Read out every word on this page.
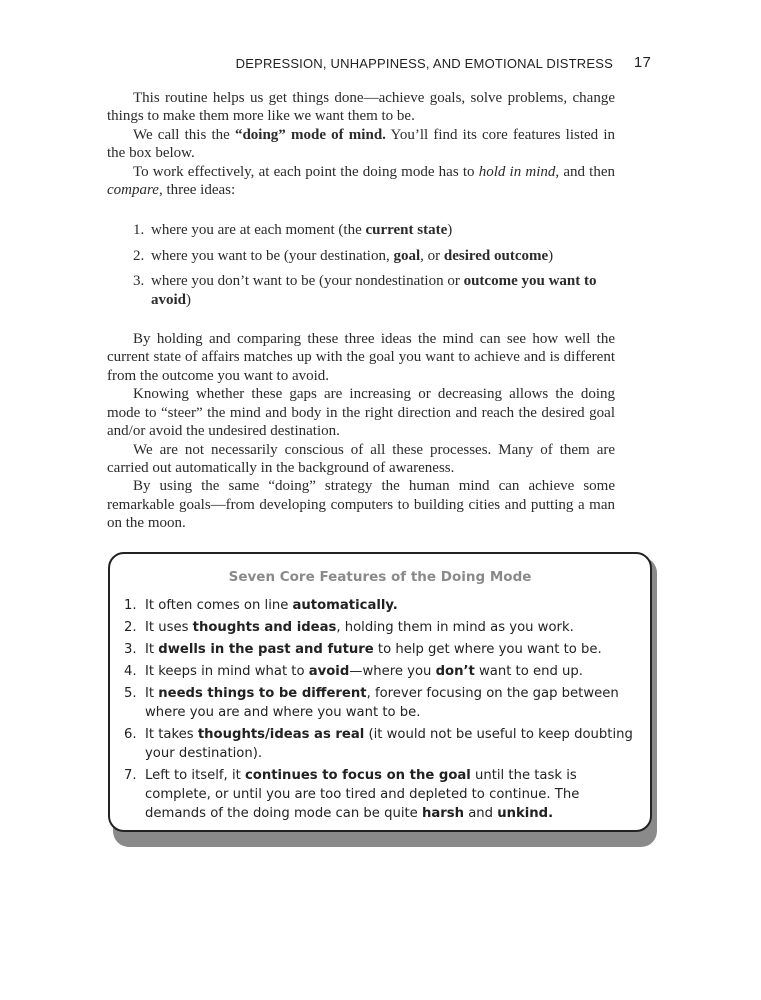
DEPRESSION, UNHAPPINESS, AND EMOTIONAL DISTRESS 17

This routine helps us get things done—achieve goals, solve problems, change things to make them more like we want them to be.

We call this the “doing” mode of mind. You’ll find its core features listed in the box below.

To work effectively, at each point the doing mode has to hold in mind, and then compare, three ideas:

1. where you are at each moment (the current state)
2. where you want to be (your destination, goal, or desired outcome)
3. where you don’t want to be (your nondestination or outcome you want to avoid)

By holding and comparing these three ideas the mind can see how well the current state of affairs matches up with the goal you want to achieve and is different from the outcome you want to avoid.

Knowing whether these gaps are increasing or decreasing allows the doing mode to “steer” the mind and body in the right direction and reach the desired goal and/or avoid the undesired destination.

We are not necessarily conscious of all these processes. Many of them are carried out automatically in the background of awareness.

By using the same “doing” strategy the human mind can achieve some remarkable goals—from developing computers to building cities and putting a man on the moon.

Seven Core Features of the Doing Mode
1. It often comes on line automatically.
2. It uses thoughts and ideas, holding them in mind as you work.
3. It dwells in the past and future to help get where you want to be.
4. It keeps in mind what to avoid—where you don’t want to end up.
5. It needs things to be different, forever focusing on the gap between where you are and where you want to be.
6. It takes thoughts/ideas as real (it would not be useful to keep doubting your destination).
7. Left to itself, it continues to focus on the goal until the task is complete, or until you are too tired and depleted to continue. The demands of the doing mode can be quite harsh and unkind.
